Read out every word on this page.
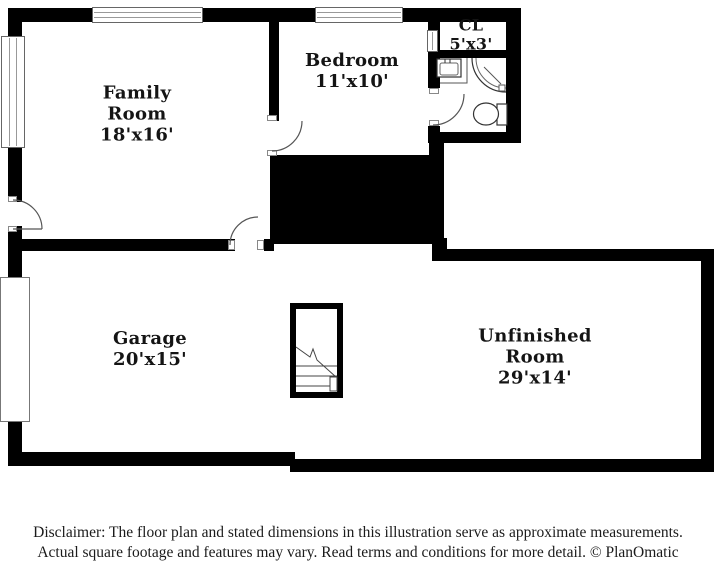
Family Room
18'x16'
Bedroom
11'x10'
CL
5'x3'
Garage
20'x15'
Unfinished Room
29'x14'
Disclaimer: The floor plan and stated dimensions in this illustration serve as approximate measurements.
Actual square footage and features may vary. Read terms and conditions for more detail. © PlanOmatic
